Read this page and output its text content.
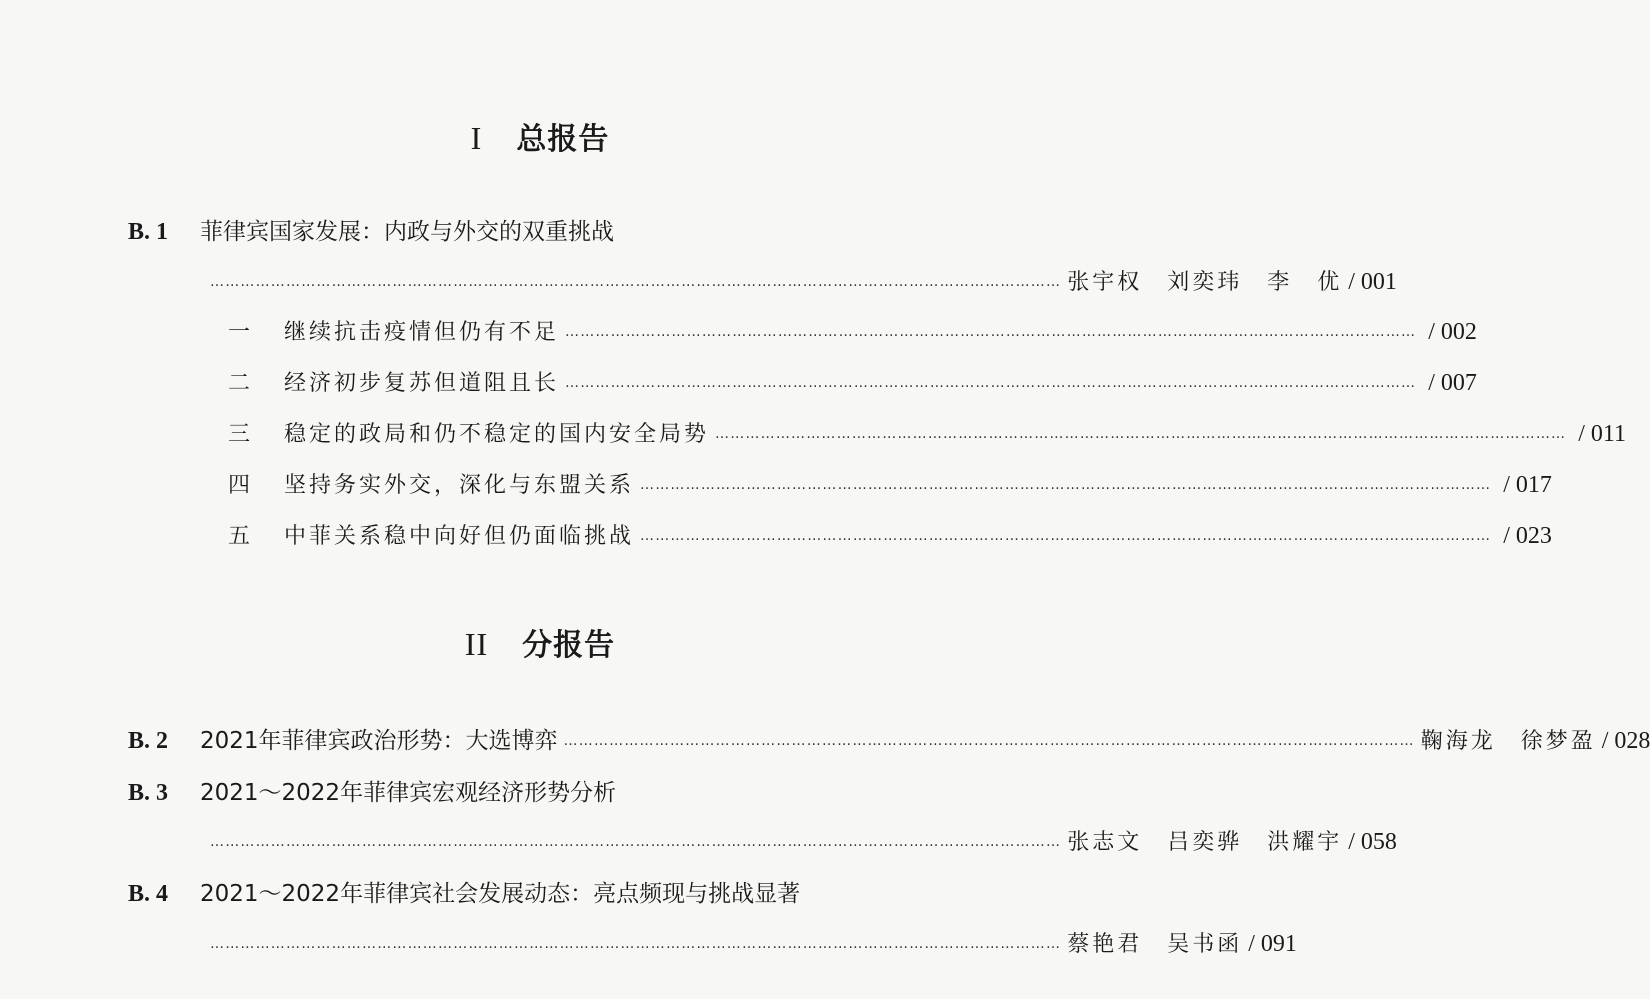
I 总报告
B. 1 菲律宾国家发展：内政与外交的双重挑战
…………………………………………………………………………………………………………………………………………………… 张宇权　刘奕玮　李　优 / 001
一	继续抗击疫情但仍有不足 …………………………………………………………………………………………………………………………………………………… / 002
二	经济初步复苏但道阻且长 …………………………………………………………………………………………………………………………………………………… / 007
三	稳定的政局和仍不稳定的国内安全局势 …………………………………………………………………………………………………………………………………………………… / 011
四	坚持务实外交，深化与东盟关系 …………………………………………………………………………………………………………………………………………………… / 017
五	中菲关系稳中向好但仍面临挑战 …………………………………………………………………………………………………………………………………………………… / 023
II 分报告
B. 2 2021年菲律宾政治形势：大选博弈 …………………………………………………………………………………………………………………………………………………… 鞠海龙　徐梦盈 / 028
B. 3 2021～2022年菲律宾宏观经济形势分析
…………………………………………………………………………………………………………………………………………………… 张志文　吕奕骅　洪耀宇 / 058
B. 4 2021～2022年菲律宾社会发展动态：亮点频现与挑战显著
…………………………………………………………………………………………………………………………………………………… 蔡艳君　吴书函 / 091
